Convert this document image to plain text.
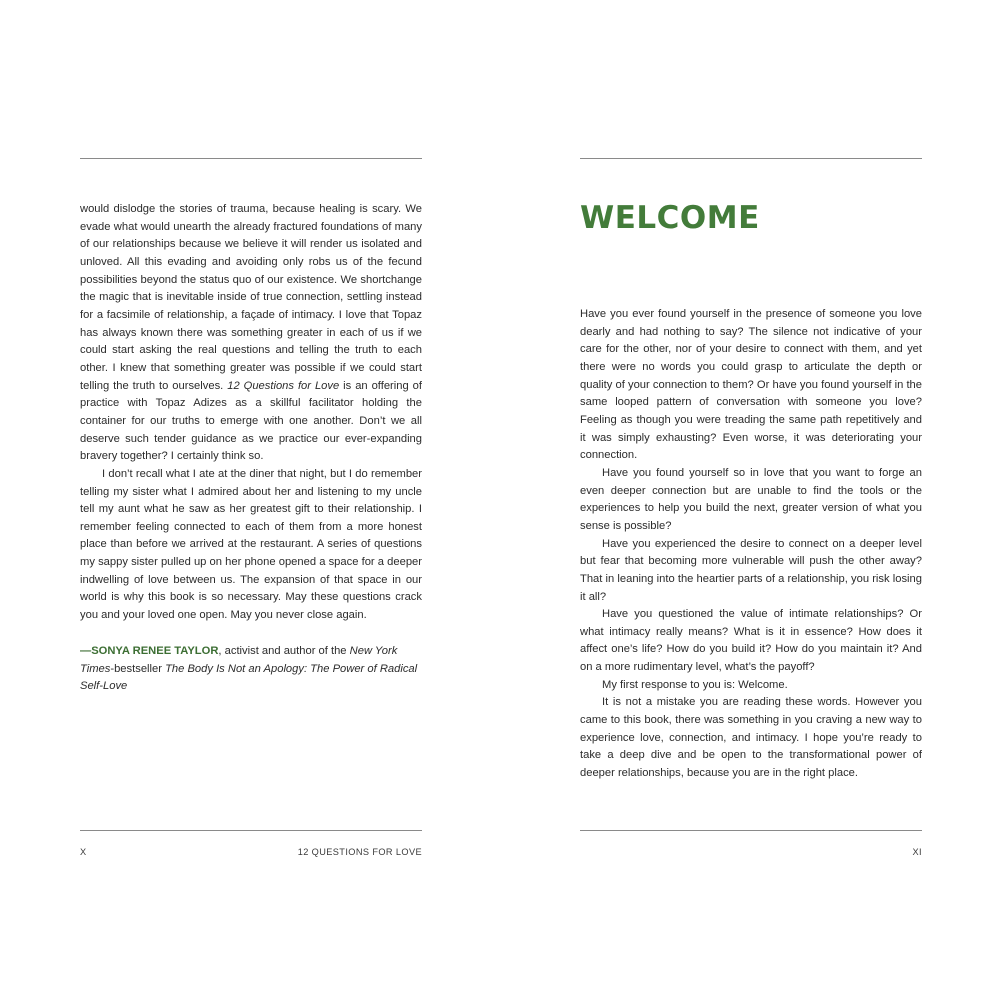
would dislodge the stories of trauma, because healing is scary. We evade what would unearth the already fractured foundations of many of our relationships because we believe it will render us isolated and unloved. All this evading and avoiding only robs us of the fecund possibilities beyond the status quo of our existence. We shortchange the magic that is inevitable inside of true connection, settling instead for a facsimile of relationship, a façade of intimacy. I love that Topaz has always known there was something greater in each of us if we could start asking the real questions and telling the truth to each other. I knew that something greater was possible if we could start telling the truth to ourselves. 12 Questions for Love is an offering of practice with Topaz Adizes as a skillful facilitator holding the container for our truths to emerge with one another. Don’t we all deserve such tender guidance as we practice our ever-expanding bravery together? I certainly think so.

I don’t recall what I ate at the diner that night, but I do remember telling my sister what I admired about her and listening to my uncle tell my aunt what he saw as her greatest gift to their relationship. I remember feeling connected to each of them from a more honest place than before we arrived at the restaurant. A series of questions my sappy sister pulled up on her phone opened a space for a deeper indwelling of love between us. The expansion of that space in our world is why this book is so necessary. May these questions crack you and your loved one open. May you never close again.

—SONYA RENEE TAYLOR, activist and author of the New York Times-bestseller The Body Is Not an Apology: The Power of Radical Self-Love
X	12 QUESTIONS FOR LOVE
WELCOME

Have you ever found yourself in the presence of someone you love dearly and had nothing to say? The silence not indicative of your care for the other, nor of your desire to connect with them, and yet there were no words you could grasp to articulate the depth or quality of your connection to them? Or have you found yourself in the same looped pattern of conversation with someone you love? Feeling as though you were treading the same path repetitively and it was simply exhausting? Even worse, it was deteriorating your connection.

Have you found yourself so in love that you want to forge an even deeper connection but are unable to find the tools or the experiences to help you build the next, greater version of what you sense is possible?

Have you experienced the desire to connect on a deeper level but fear that becoming more vulnerable will push the other away? That in leaning into the heartier parts of a relationship, you risk losing it all?

Have you questioned the value of intimate relationships? Or what intimacy really means? What is it in essence? How does it affect one’s life? How do you build it? How do you maintain it? And on a more rudimentary level, what’s the payoff?

My first response to you is: Welcome.

It is not a mistake you are reading these words. However you came to this book, there was something in you craving a new way to experience love, connection, and intimacy. I hope you’re ready to take a deep dive and be open to the transformational power of deeper relationships, because you are in the right place.

XI
